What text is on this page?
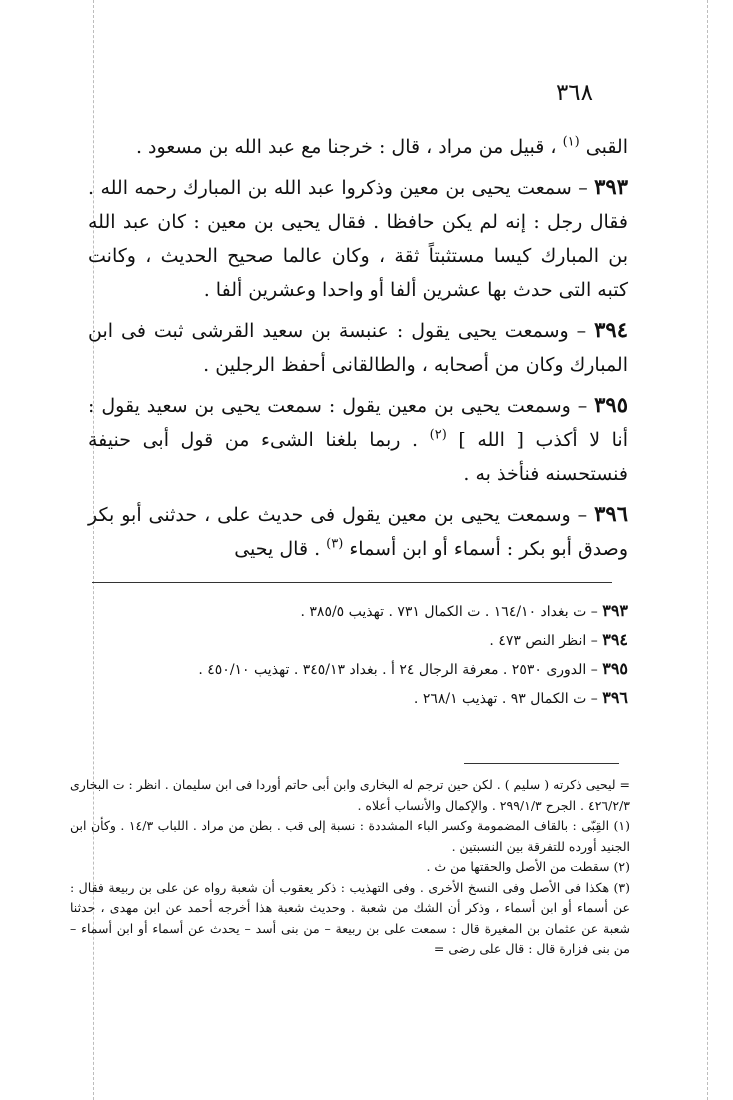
٣٦٨

القبى $^{(١)}$ ، قبيل من مراد ، قال : خرجنا مع عبد الله بن مسعود .

٣٩٣ – سمعت يحيى بن معين وذكروا عبد الله بن المبارك رحمه الله . فقال رجل : إنه لم يكن حافظا . فقال يحيى بن معين : كان عبد الله بن المبارك كيسا مستثبتاً ثقة ، وكان عالما صحيح الحديث ، وكانت كتبه التى حدث بها عشرين ألفا أو واحدا وعشرين ألفا .

٣٩٤ – وسمعت يحيى يقول : عنبسة بن سعيد القرشى ثبت فى ابن المبارك وكان من أصحابه ، والطالقانى أحفظ الرجلين .

٣٩٥ – وسمعت يحيى بن معين يقول : سمعت يحيى بن سعيد يقول : أنا لا أكذب [ الله ] $^{(٢)}$ . ربما بلغنا الشىء من قول أبى حنيفة فنستحسنه فنأخذ به .

٣٩٦ – وسمعت يحيى بن معين يقول فى حديث على ، حدثنى أبو بكر وصدق أبو بكر : أسماء أو ابن أسماء $^{(٣)}$ . قال يحيى

٣٩٣ – ت بغداد ١٦٤/١٠ . ت الكمال ٧٣١ . تهذيب ٣٨٥/٥ .

٣٩٤ – انظر النص ٤٧٣ .

٣٩٥ – الدورى ٢٥٣٠ . معرفة الرجال ٢٤ أ . بغداد ٣٤٥/١٣ . تهذيب ٤٥٠/١٠ .

٣٩٦ – ت الكمال ٩٣ . تهذيب ٢٦٨/١ .

= ليحيى ذكرته ( سليم ) . لكن حين ترجم له البخارى وابن أبى حاتم أوردا فى ابن سليمان . انظر : ت البخارى ٤٢٦/٢/٣ . الجرح ٢٩٩/١/٣ . والإكمال والأنساب أعلاه .

(١) القِبّى : بالقاف المضمومة وكسر الباء المشددة : نسبة إلى قب . بطن من مراد . اللباب ١٤/٣ . وكأن ابن الجنيد أورده للتفرقة بين النسبتين .

(٢) سقطت من الأصل والحقتها من ث .

(٣) هكذا فى الأصل وفى النسخ الأخرى . وفى التهذيب : ذكر يعقوب أن شعبة رواه عن على بن ربيعة فقال : عن أسماء أو ابن أسماء ، وذكر أن الشك من شعبة . وحديث شعبة هذا أخرجه أحمد عن ابن مهدى ، حدثنا شعبة عن عثمان بن المغيرة قال : سمعت على بن ربيعة – من بنى أسد – يحدث عن أسماء أو ابن أسماء – من بنى فزارة قال : قال على رضى =
